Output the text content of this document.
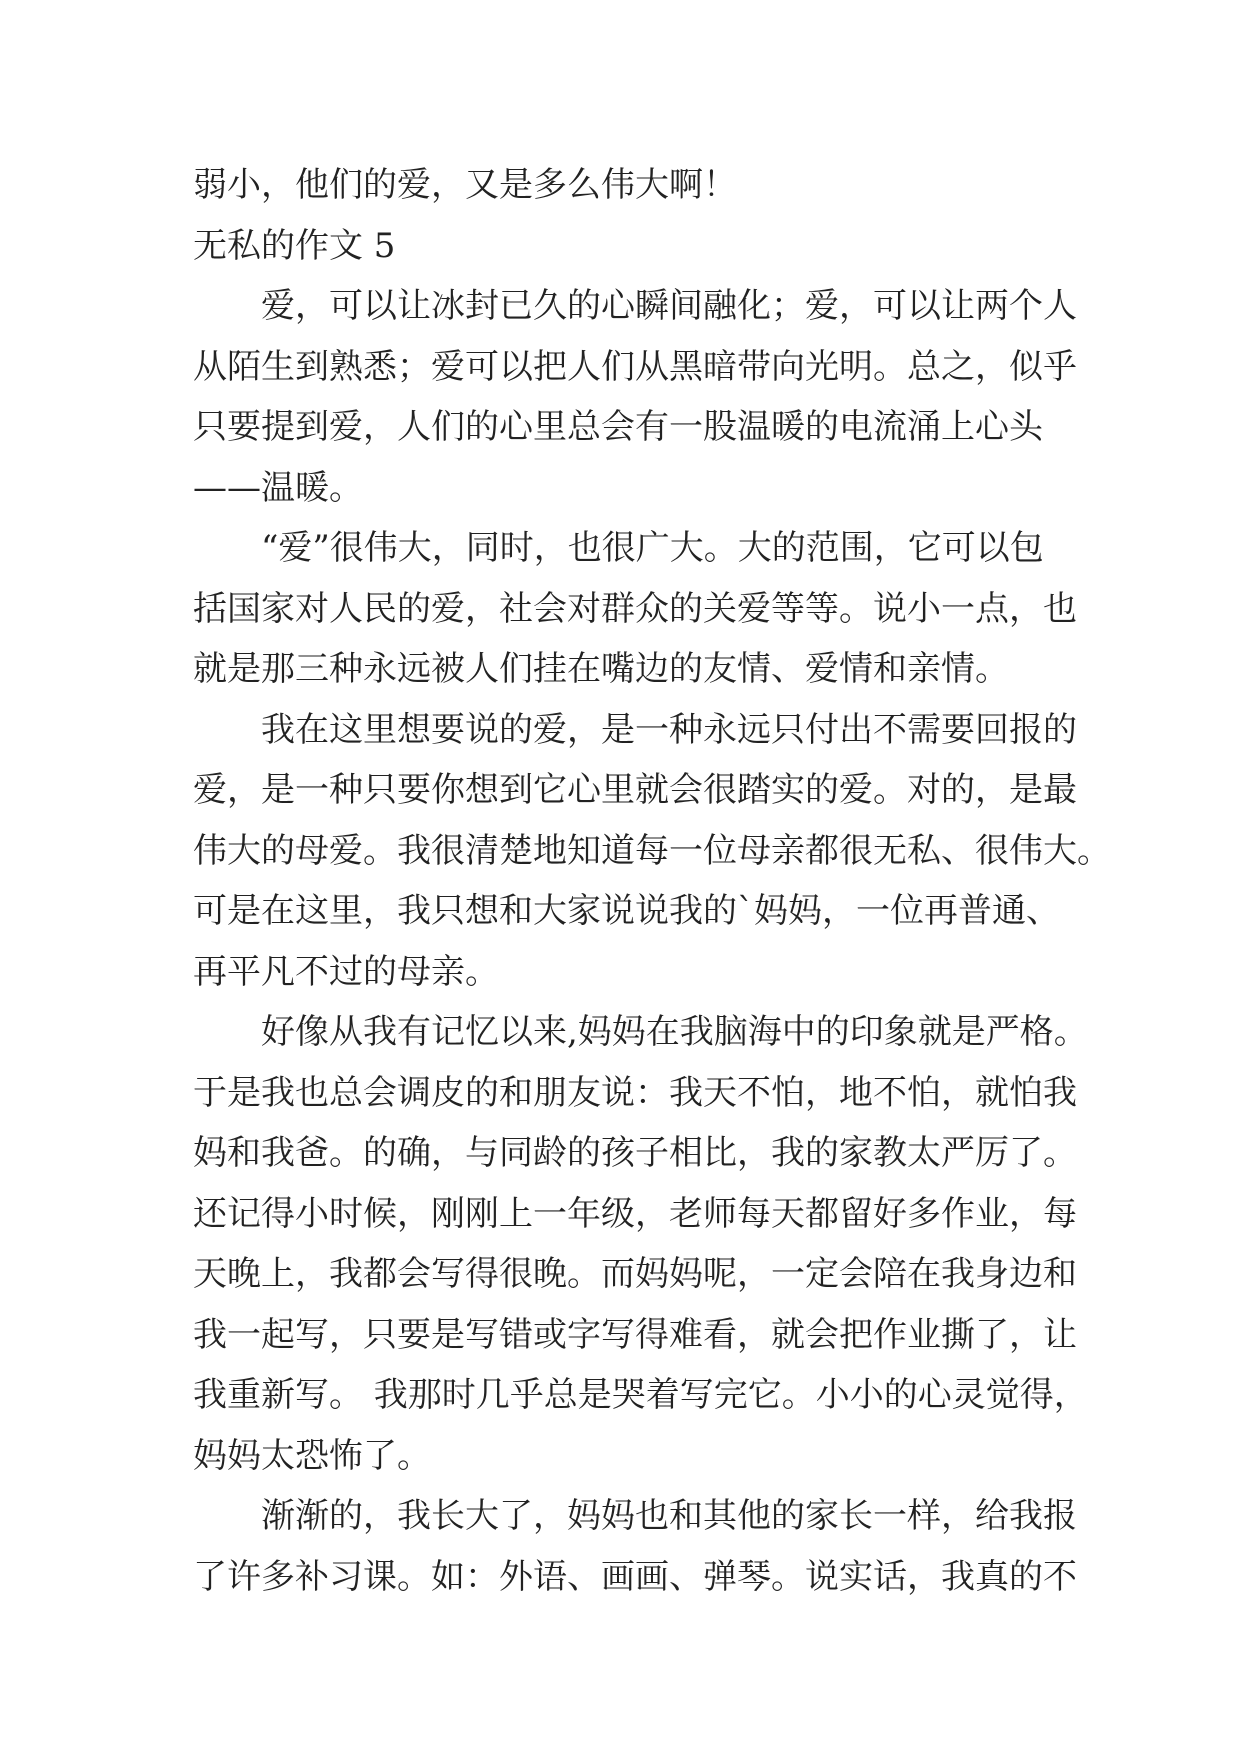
弱小，他们的爱，又是多么伟大啊！
无私的作文 5
爱，可以让冰封已久的心瞬间融化；爱，可以让两个人
从陌生到熟悉；爱可以把人们从黑暗带向光明。总之，似乎
只要提到爱，人们的心里总会有一股温暖的电流涌上心头
——温暖。
“爱”很伟大，同时，也很广大。大的范围，它可以包
括国家对人民的爱，社会对群众的关爱等等。说小一点，也
就是那三种永远被人们挂在嘴边的友情、爱情和亲情。
我在这里想要说的爱，是一种永远只付出不需要回报的
爱，是一种只要你想到它心里就会很踏实的爱。对的，是最
伟大的母爱。我很清楚地知道每一位母亲都很无私、很伟大。
可是在这里，我只想和大家说说我的`妈妈，一位再普通、
再平凡不过的母亲。
好像从我有记忆以来,妈妈在我脑海中的印象就是严格。
于是我也总会调皮的和朋友说：我天不怕，地不怕，就怕我
妈和我爸。的确，与同龄的孩子相比，我的家教太严厉了。
还记得小时候，刚刚上一年级，老师每天都留好多作业，每
天晚上，我都会写得很晚。而妈妈呢，一定会陪在我身边和
我一起写，只要是写错或字写得难看，就会把作业撕了，让
我重新写。 我那时几乎总是哭着写完它。小小的心灵觉得，
妈妈太恐怖了。
渐渐的，我长大了，妈妈也和其他的家长一样，给我报
了许多补习课。如：外语、画画、弹琴。说实话，我真的不
